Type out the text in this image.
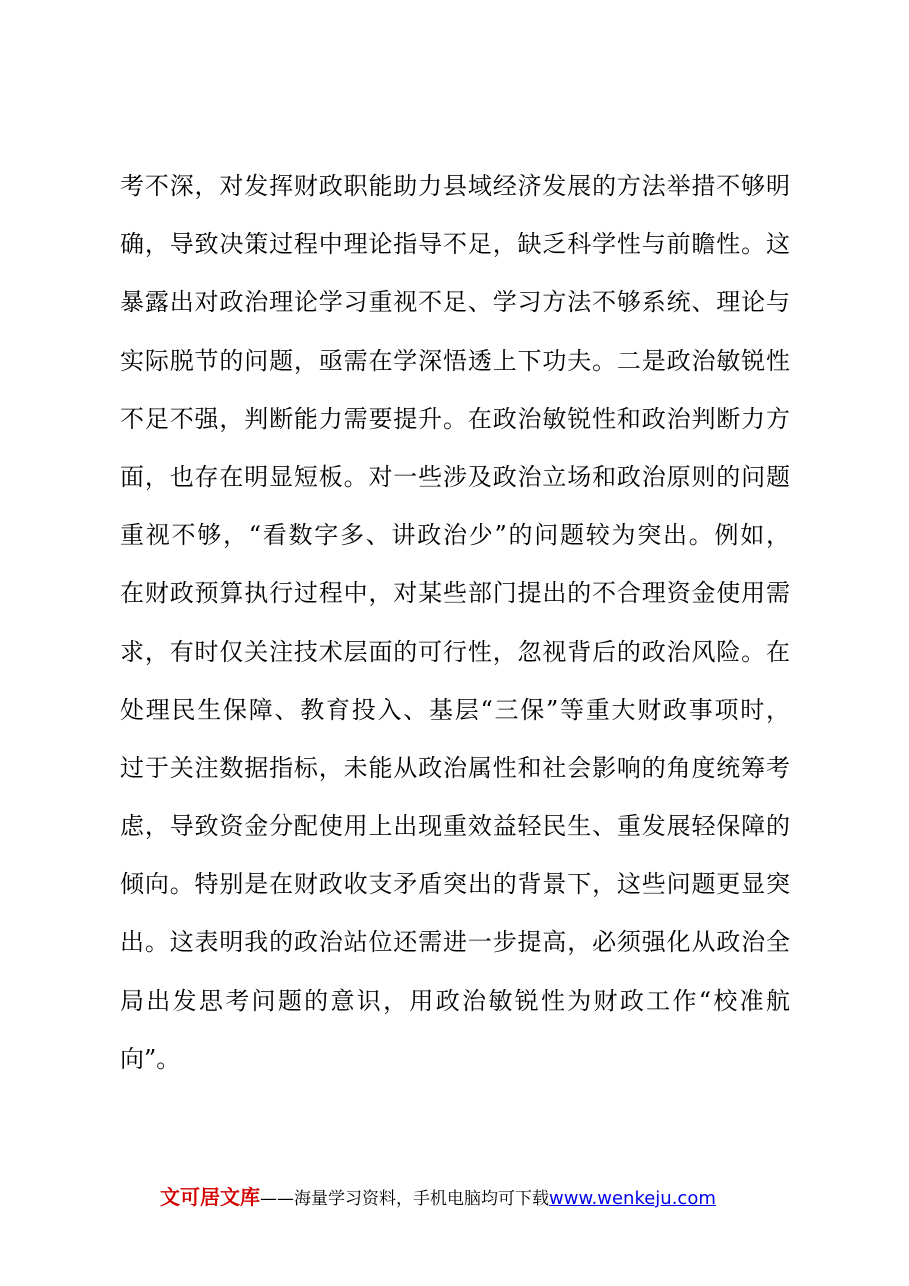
考不深，对发挥财政职能助力县域经济发展的方法举措不够明
确，导致决策过程中理论指导不足，缺乏科学性与前瞻性。这
暴露出对政治理论学习重视不足、学习方法不够系统、理论与
实际脱节的问题，亟需在学深悟透上下功夫。二是政治敏锐性
不足不强，判断能力需要提升。在政治敏锐性和政治判断力方
面，也存在明显短板。对一些涉及政治立场和政治原则的问题
重视不够，“看数字多、讲政治少”的问题较为突出。例如，
在财政预算执行过程中，对某些部门提出的不合理资金使用需
求，有时仅关注技术层面的可行性，忽视背后的政治风险。在
处理民生保障、教育投入、基层“三保”等重大财政事项时，
过于关注数据指标，未能从政治属性和社会影响的角度统筹考
虑，导致资金分配使用上出现重效益轻民生、重发展轻保障的
倾向。特别是在财政收支矛盾突出的背景下，这些问题更显突
出。这表明我的政治站位还需进一步提高，必须强化从政治全
局出发思考问题的意识，用政治敏锐性为财政工作“校准航
向”。
文可居文库——海量学习资料，手机电脑均可下载www.wenkeju.com
